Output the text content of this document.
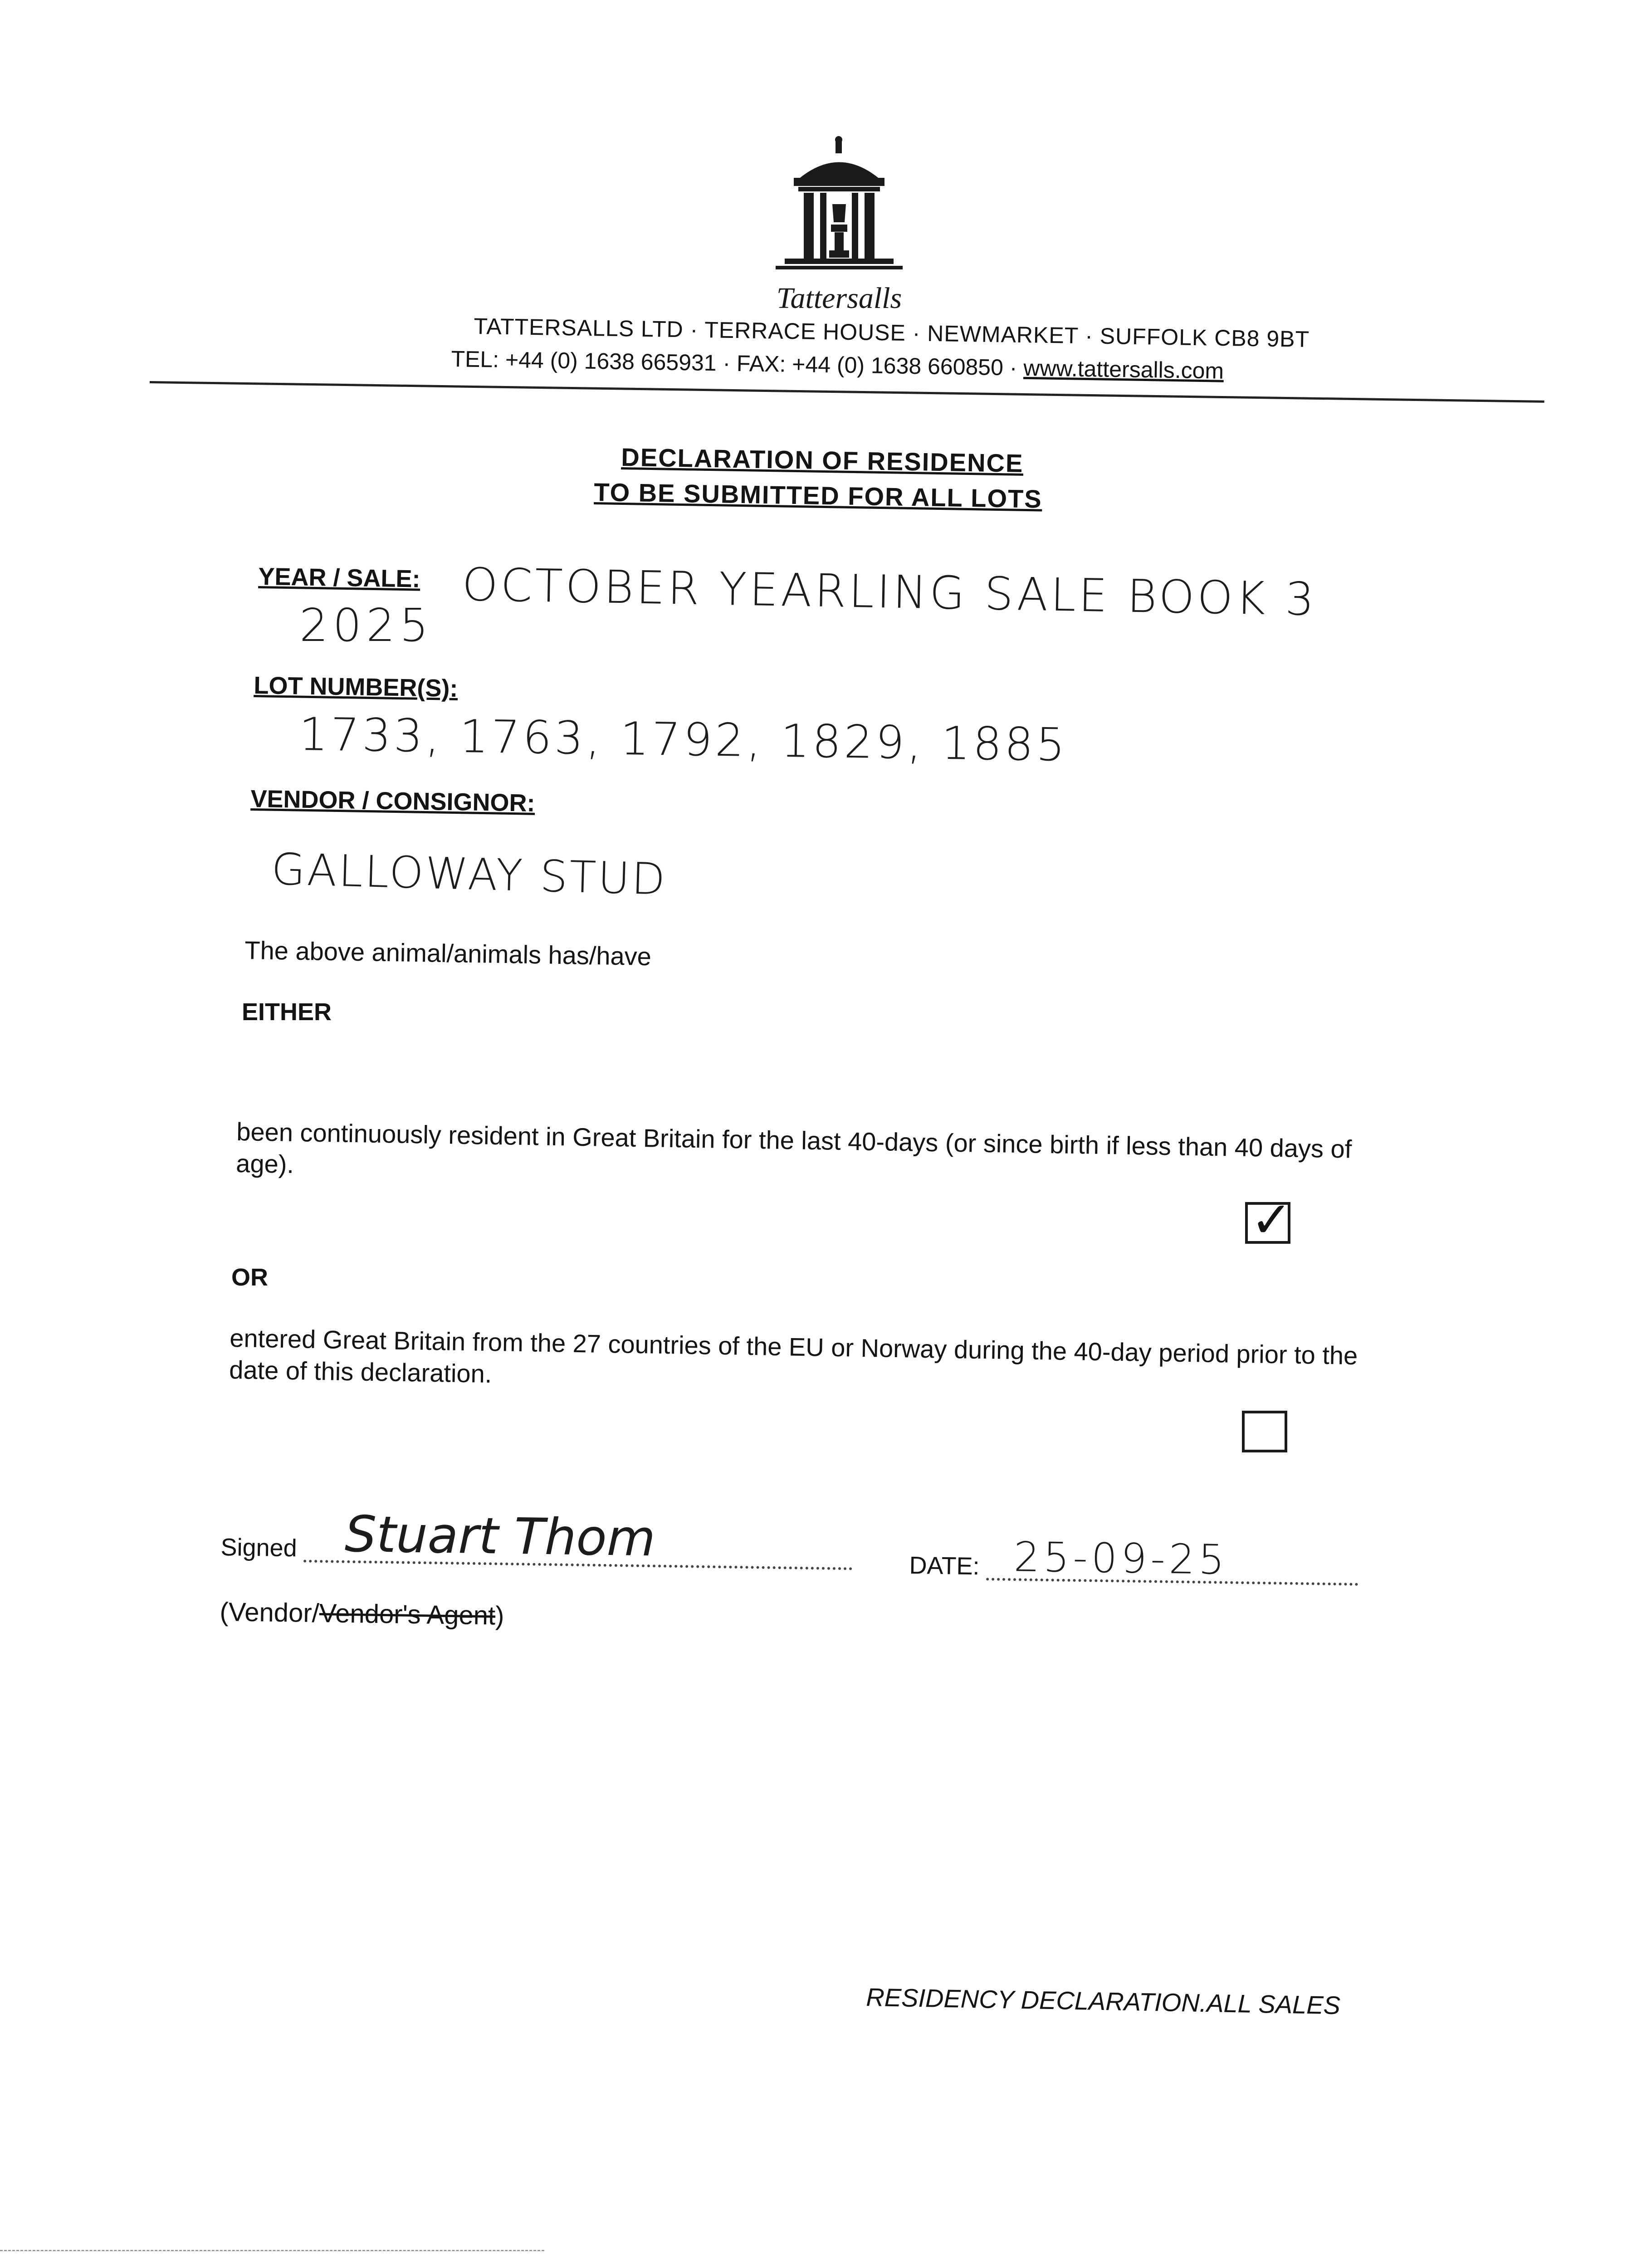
Tattersalls
TATTERSALLS LTD · TERRACE HOUSE · NEWMARKET · SUFFOLK CB8 9BT
TEL: +44 (0) 1638 665931 · FAX: +44 (0) 1638 660850 · www.tattersalls.com
DECLARATION OF RESIDENCE
TO BE SUBMITTED FOR ALL LOTS
YEAR / SALE: OCTOBER YEARLING SALE BOOK 3
2025
LOT NUMBER(S):
1733, 1763, 1792, 1829, 1885
VENDOR / CONSIGNOR:
GALLOWAY STUD
The above animal/animals has/have
EITHER
been continuously resident in Great Britain for the last 40-days (or since birth if less than 40 days of age).
✓
OR
entered Great Britain from the 27 countries of the EU or Norway during the 40-day period prior to the date of this declaration.
Signed Stuart Thom	DATE: 25-09-25
(Vendor/Vendor's Agent)
RESIDENCY DECLARATION.ALL SALES
